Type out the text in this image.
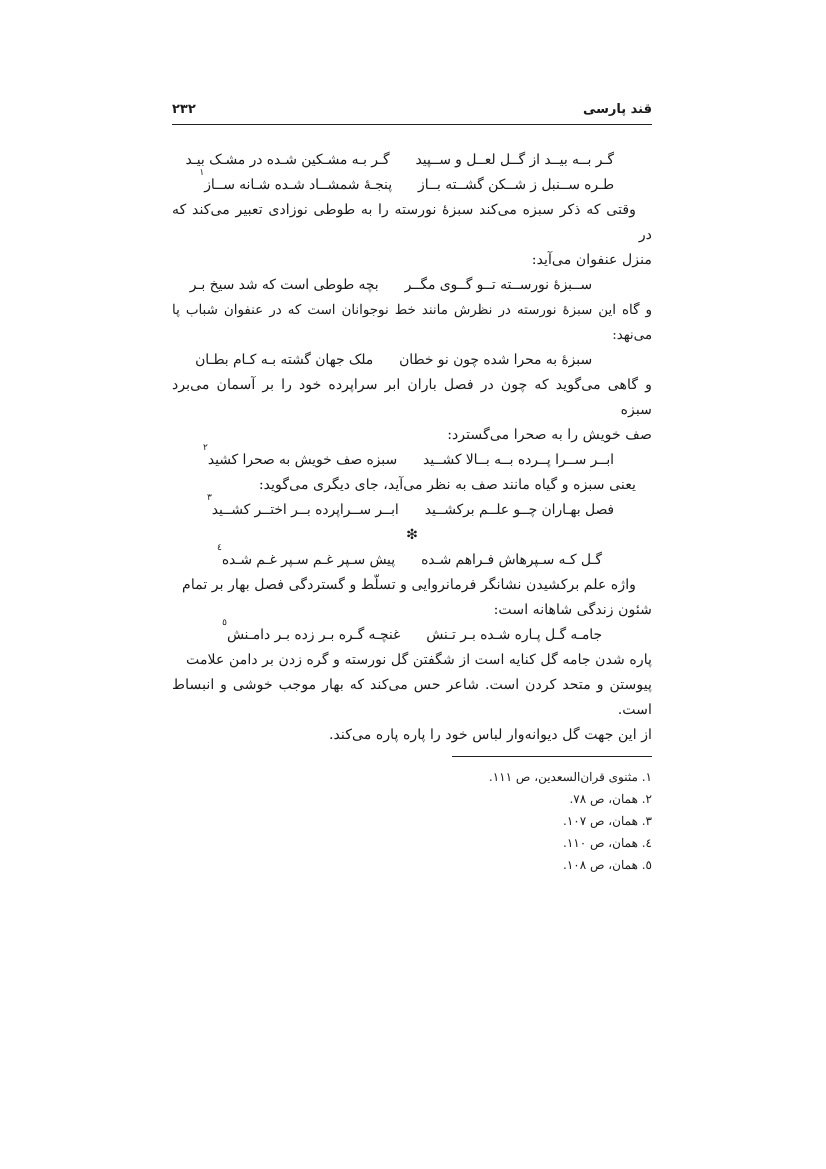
قند پارسی
۲۳۲
گـر بــه بیــد از گــل لعــل و ســپید
گـر بـه مشـکین شـده در مشـک بیـد
طـره ســنبل ز شــکن گشــته بــاز
پنجـهٔ شمشــاد شـده شـانه ســاز
۱

وقتی که ذکر سبزه می‌کند سبزهٔ نورسته را به طوطی نوزادی تعبیر می‌کند که در

منزل عنفوان می‌آید:

ســبزهٔ نورســته تــو گــوی مگــر
بچه طوطی است که شد سیخ بـر

و گاه این سبزهٔ نورسته در نظرش مانند خط نوجوانان است که در عنفوان شباب پا می‌نهد:

سبزهٔ به محرا شده چون نو خطان
ملک جهان گشته بـه کـام بطـان

و گاهی می‌گوید که چون در فصل باران ابر سراپرده خود را بر آسمان می‌برد سبزه

صف خویش را به صحرا می‌گسترد:

ابــر ســرا پــرده بــه بــالا کشــید
سبزه صف خویش به صحرا کشید
۲

یعنی سبزه و گیاه مانند صف به نظر می‌آید، جای دیگری می‌گوید:

فصل بهـاران چــو علــم برکشــید
ابــر ســراپرده بــر اختــر کشــید
۳
❇
گـل کـه سـپرهاش فـراهم شـده
پیش سـپر غـم سـپر غـم شـده
٤

واژه علم برکشیدن نشانگر فرمانروایی و تسلّط و گستردگی فصل بهار بر تمام

شئون زندگی شاهانه است:

جامـه گـل پـاره شـده بـر تـنش
غنچـه گـره بـر زده بـر دامـنش
٥

پاره شدن جامه گل کنایه است از شگفتن گل نورسته و گره زدن بر دامن علامت

پیوستن و متحد کردن است. شاعر حس می‌کند که بهار موجب خوشی و انبساط است.

از این جهت گل دیوانه‌وار لباس خود را پاره پاره می‌کند.

۱. مثنوی قران‌السعدین، ص ۱۱۱.

۲. همان، ص ۷۸.

۳. همان، ص ۱۰۷.

٤. همان، ص ۱۱۰.

٥. همان، ص ۱۰۸.
